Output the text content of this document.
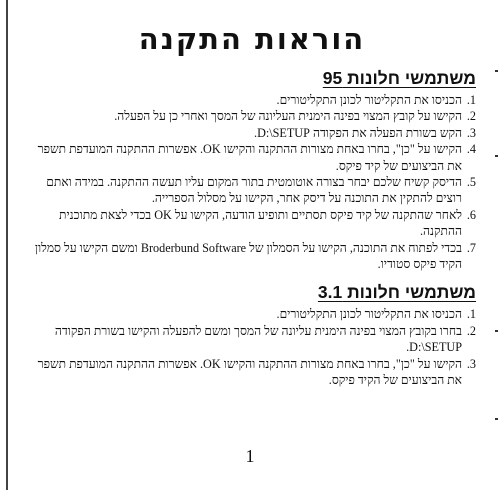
הוראות התקנה
משתמשי חלונות 95
1.
הכניסו את התקליטור לכונן התקליטורים.
2.
הקישו על קובץ המצוי בפינה הימנית העליונה של המסך ואחרי כן על הפעלה.
3.
הקש בשורת הפעלה את הפקודה D:\SETUP.
4.
הקישו על "כן", בחרו באחת מצורות ההתקנה והקישו OK. אפשרות ההתקנה המועדפת תשפר את הביצועים של קיד פיקס.
5.
הדיסק קשיח שלכם יבחר בצורה אוטומטית בתור המקום עליו תעשה ההתקנה. במידה ואתם רוצים להתקין את התוכנה על דיסק אחר, הקישו על מסלול הספרייה.
6.
לאחר שהתקנה של קיד פיקס תסתיים ותופיע הודעה, הקישו על OK בכדי לצאת מתוכנית ההתקנה.
7.
בכדי לפתוח את התוכנה, הקישו על הסמלון של Broderbund Software ומשם הקישו על סמלון הקיד פיקס סטודיו.
משתמשי חלונות 3.1
1.
הכניסו את התקליטור לכונן התקליטורים.
2.
בחרו בקובץ המצוי בפינה הימנית עליונה של המסך ומשם להפעלה והקישו בשורת הפקודה D:\SETUP.
3.
הקישו על "כן", בחרו באחת מצורות ההתקנה והקישו OK. אפשרות ההתקנה המועדפת תשפר את הביצועים של הקיד פיקס.
1
